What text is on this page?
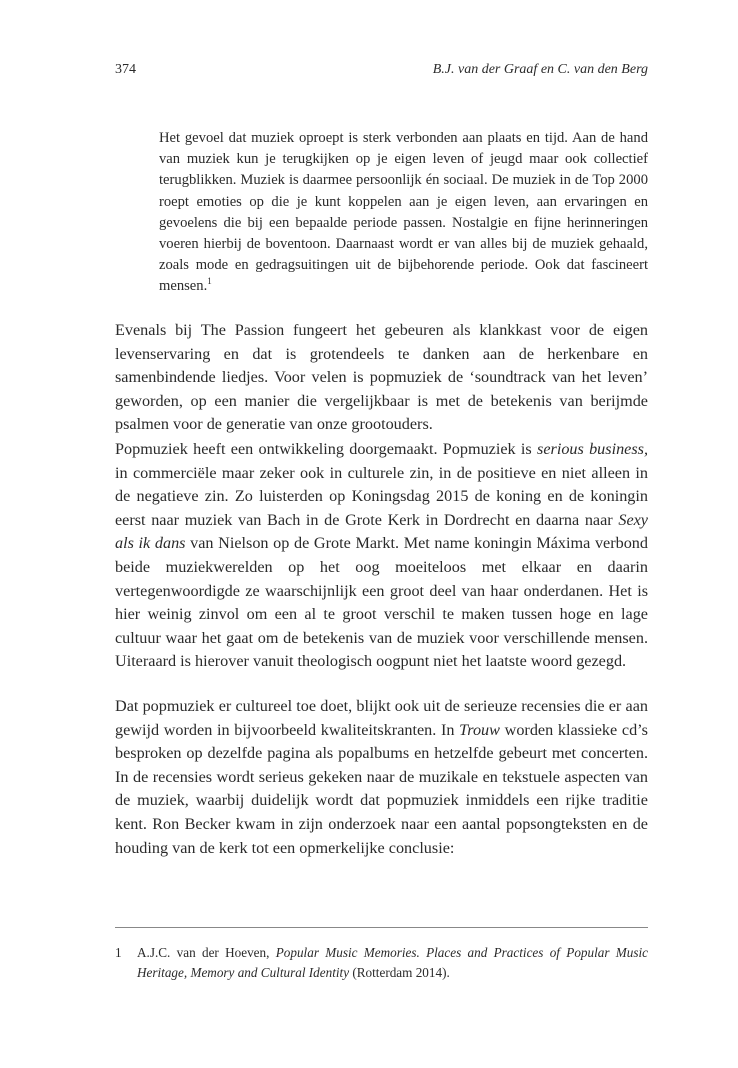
374	B.J. van der Graaf en C. van den Berg
Het gevoel dat muziek oproept is sterk verbonden aan plaats en tijd. Aan de hand van muziek kun je terugkijken op je eigen leven of jeugd maar ook collectief terugblikken. Muziek is daarmee persoonlijk én sociaal. De muziek in de Top 2000 roept emoties op die je kunt koppelen aan je eigen leven, aan ervaringen en gevoelens die bij een bepaalde periode passen. Nostalgie en fijne herinneringen voeren hierbij de boventoon. Daarnaast wordt er van alles bij de muziek gehaald, zoals mode en gedragsuitingen uit de bijbehorende periode. Ook dat fascineert mensen.$^1$
Evenals bij The Passion fungeert het gebeuren als klankkast voor de eigen levenservaring en dat is grotendeels te danken aan de herkenbare en samenbindende liedjes. Voor velen is popmuziek de ‘soundtrack van het leven’ geworden, op een manier die vergelijkbaar is met de betekenis van berijmde psalmen voor de generatie van onze grootouders.
Popmuziek heeft een ontwikkeling doorgemaakt. Popmuziek is serious business, in commerciële maar zeker ook in culturele zin, in de positieve en niet alleen in de negatieve zin. Zo luisterden op Koningsdag 2015 de koning en de koningin eerst naar muziek van Bach in de Grote Kerk in Dordrecht en daarna naar Sexy als ik dans van Nielson op de Grote Markt. Met name koningin Máxima verbond beide muziekwerelden op het oog moeiteloos met elkaar en daarin vertegenwoordigde ze waarschijnlijk een groot deel van haar onderdanen. Het is hier weinig zinvol om een al te groot verschil te maken tussen hoge en lage cultuur waar het gaat om de betekenis van de muziek voor verschillende mensen. Uiteraard is hierover vanuit theologisch oogpunt niet het laatste woord gezegd.
Dat popmuziek er cultureel toe doet, blijkt ook uit de serieuze recensies die er aan gewijd worden in bijvoorbeeld kwaliteitskranten. In Trouw worden klassieke cd’s besproken op dezelfde pagina als popalbums en hetzelfde gebeurt met concerten. In de recensies wordt serieus gekeken naar de muzikale en tekstuele aspecten van de muziek, waarbij duidelijk wordt dat popmuziek inmiddels een rijke traditie kent. Ron Becker kwam in zijn onderzoek naar een aantal popsongteksten en de houding van de kerk tot een opmerkelijke conclusie:
1 A.J.C. van der Hoeven, Popular Music Memories. Places and Practices of Popular Music Heritage, Memory and Cultural Identity (Rotterdam 2014).
